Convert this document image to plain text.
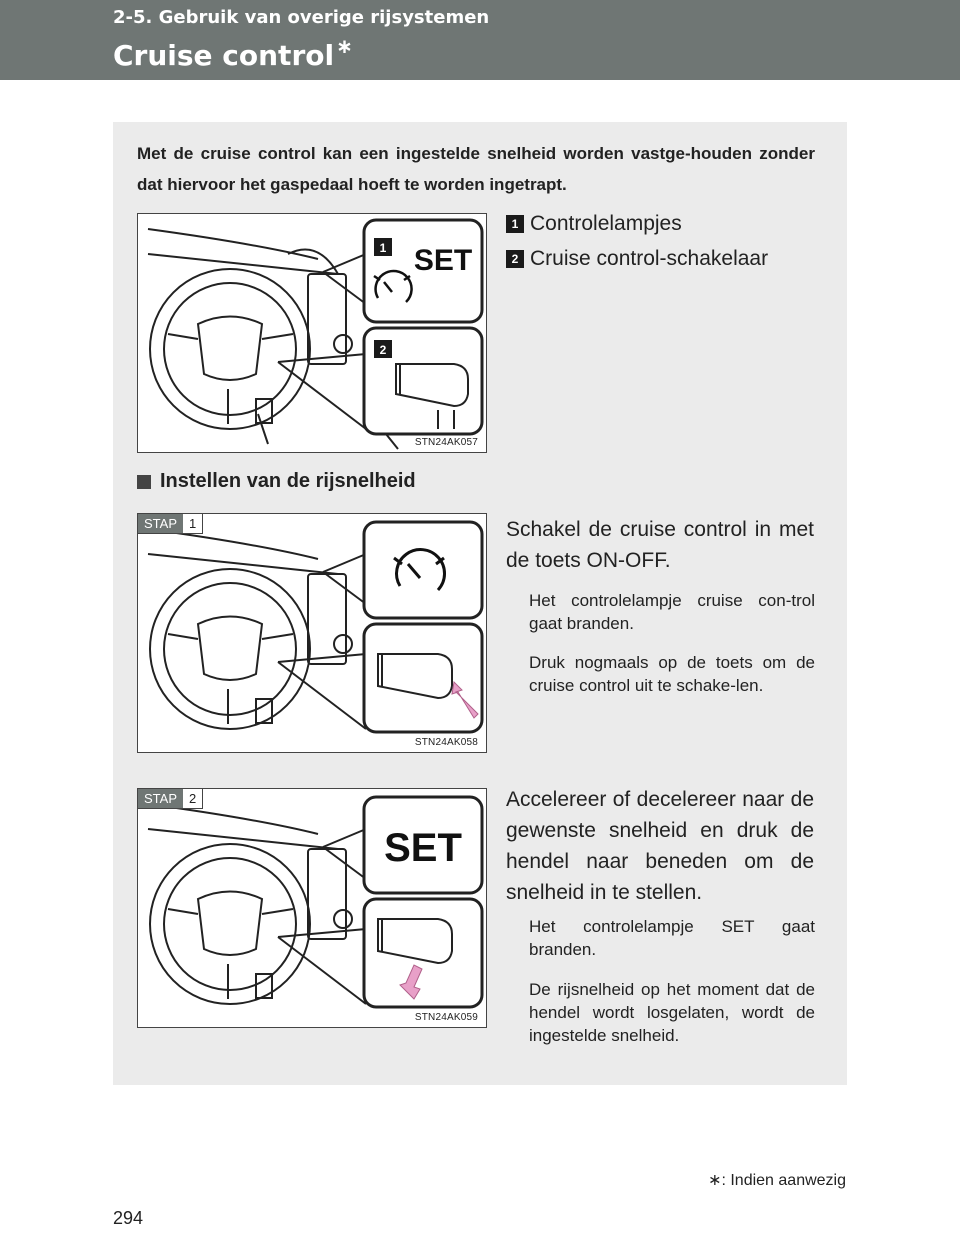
2-5. Gebruik van overige rijsystemen
Cruise control ∗
Met de cruise control kan een ingestelde snelheid worden vastge-houden zonder dat hiervoor het gaspedaal hoeft te worden ingetrapt.
1 SET
2
STN24AK057
1 Controlelampjes
2 Cruise control-schakelaar
Instellen van de rijsnelheid
STAP 1
STN24AK058
Schakel de cruise control in met de toets ON-OFF.
Het controlelampje cruise con-trol gaat branden.
Druk nogmaals op de toets om de cruise control uit te schake-len.
SET
STAP 2
STN24AK059
Accelereer of decelereer naar de gewenste snelheid en druk de hendel naar beneden om de snelheid in te stellen.
Het controlelampje SET gaat branden.
De rijsnelheid op het moment dat de hendel wordt losgelaten, wordt de ingestelde snelheid.
∗: Indien aanwezig
294
